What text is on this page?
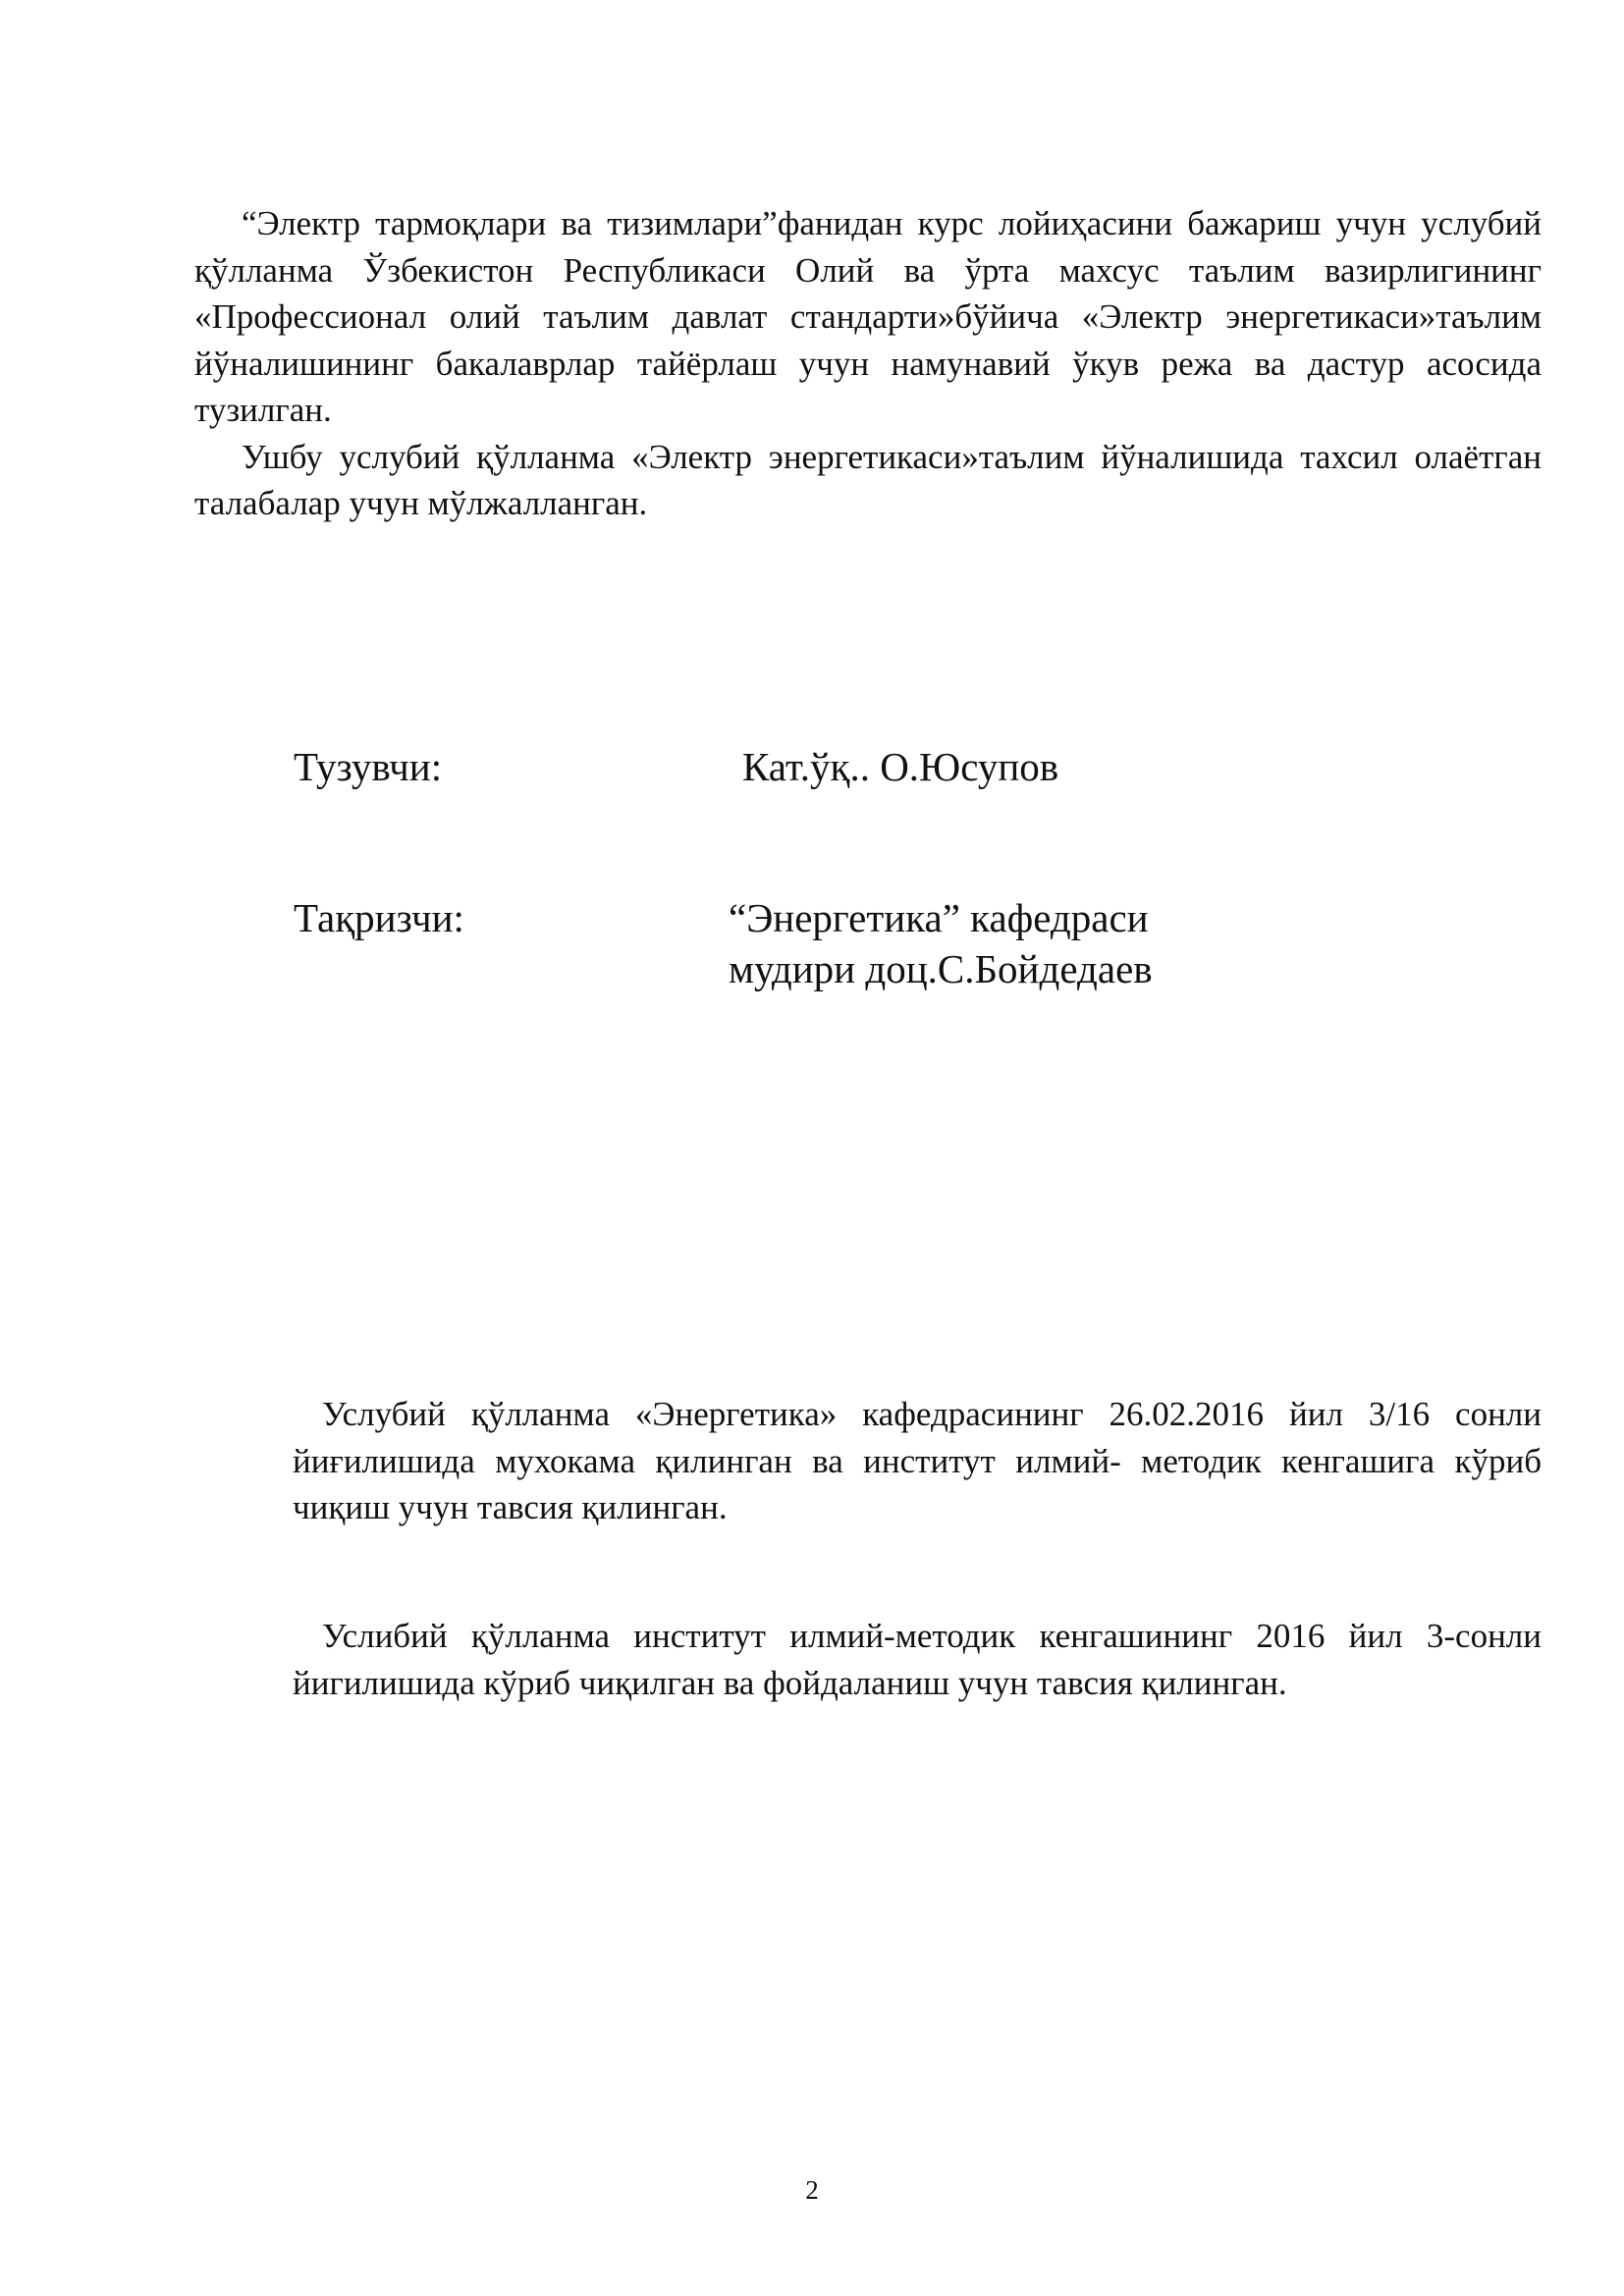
“Электр тармоқлари ва тизимлари”фанидан курс лойиҳасини бажариш учун услубий қўлланма Ўзбекистон Республикаси Олий ва ўрта махсус таълим вазирлигининг «Профессионал олий таълим давлат стандарти»бўйича «Электр энергетикаси»таълим йўналишининг бакалаврлар тайёрлаш учун намунавий ўкув режа ва дастур асосида тузилган.

Ушбу услубий қўлланма «Электр энергетикаси»таълим йўналишида тахсил олаётган талабалар учун мўлжалланган.

Тузувчи:	Кат.ўқ.. О.Юсупов
Тақризчи:	“Энергетика” кафедраси
мудири доц.С.Бойдедаев

Услубий қўлланма «Энергетика» кафедрасининг 26.02.2016 йил 3/16 сонли йиғилишида мухокама қилинган ва институт илмий- методик кенгашига кўриб чиқиш учун тавсия қилинган.

Услибий қўлланма институт илмий-методик кенгашининг 2016 йил 3-сонли йигилишида кўриб чиқилган ва фойдаланиш учун тавсия қилинган.

2
